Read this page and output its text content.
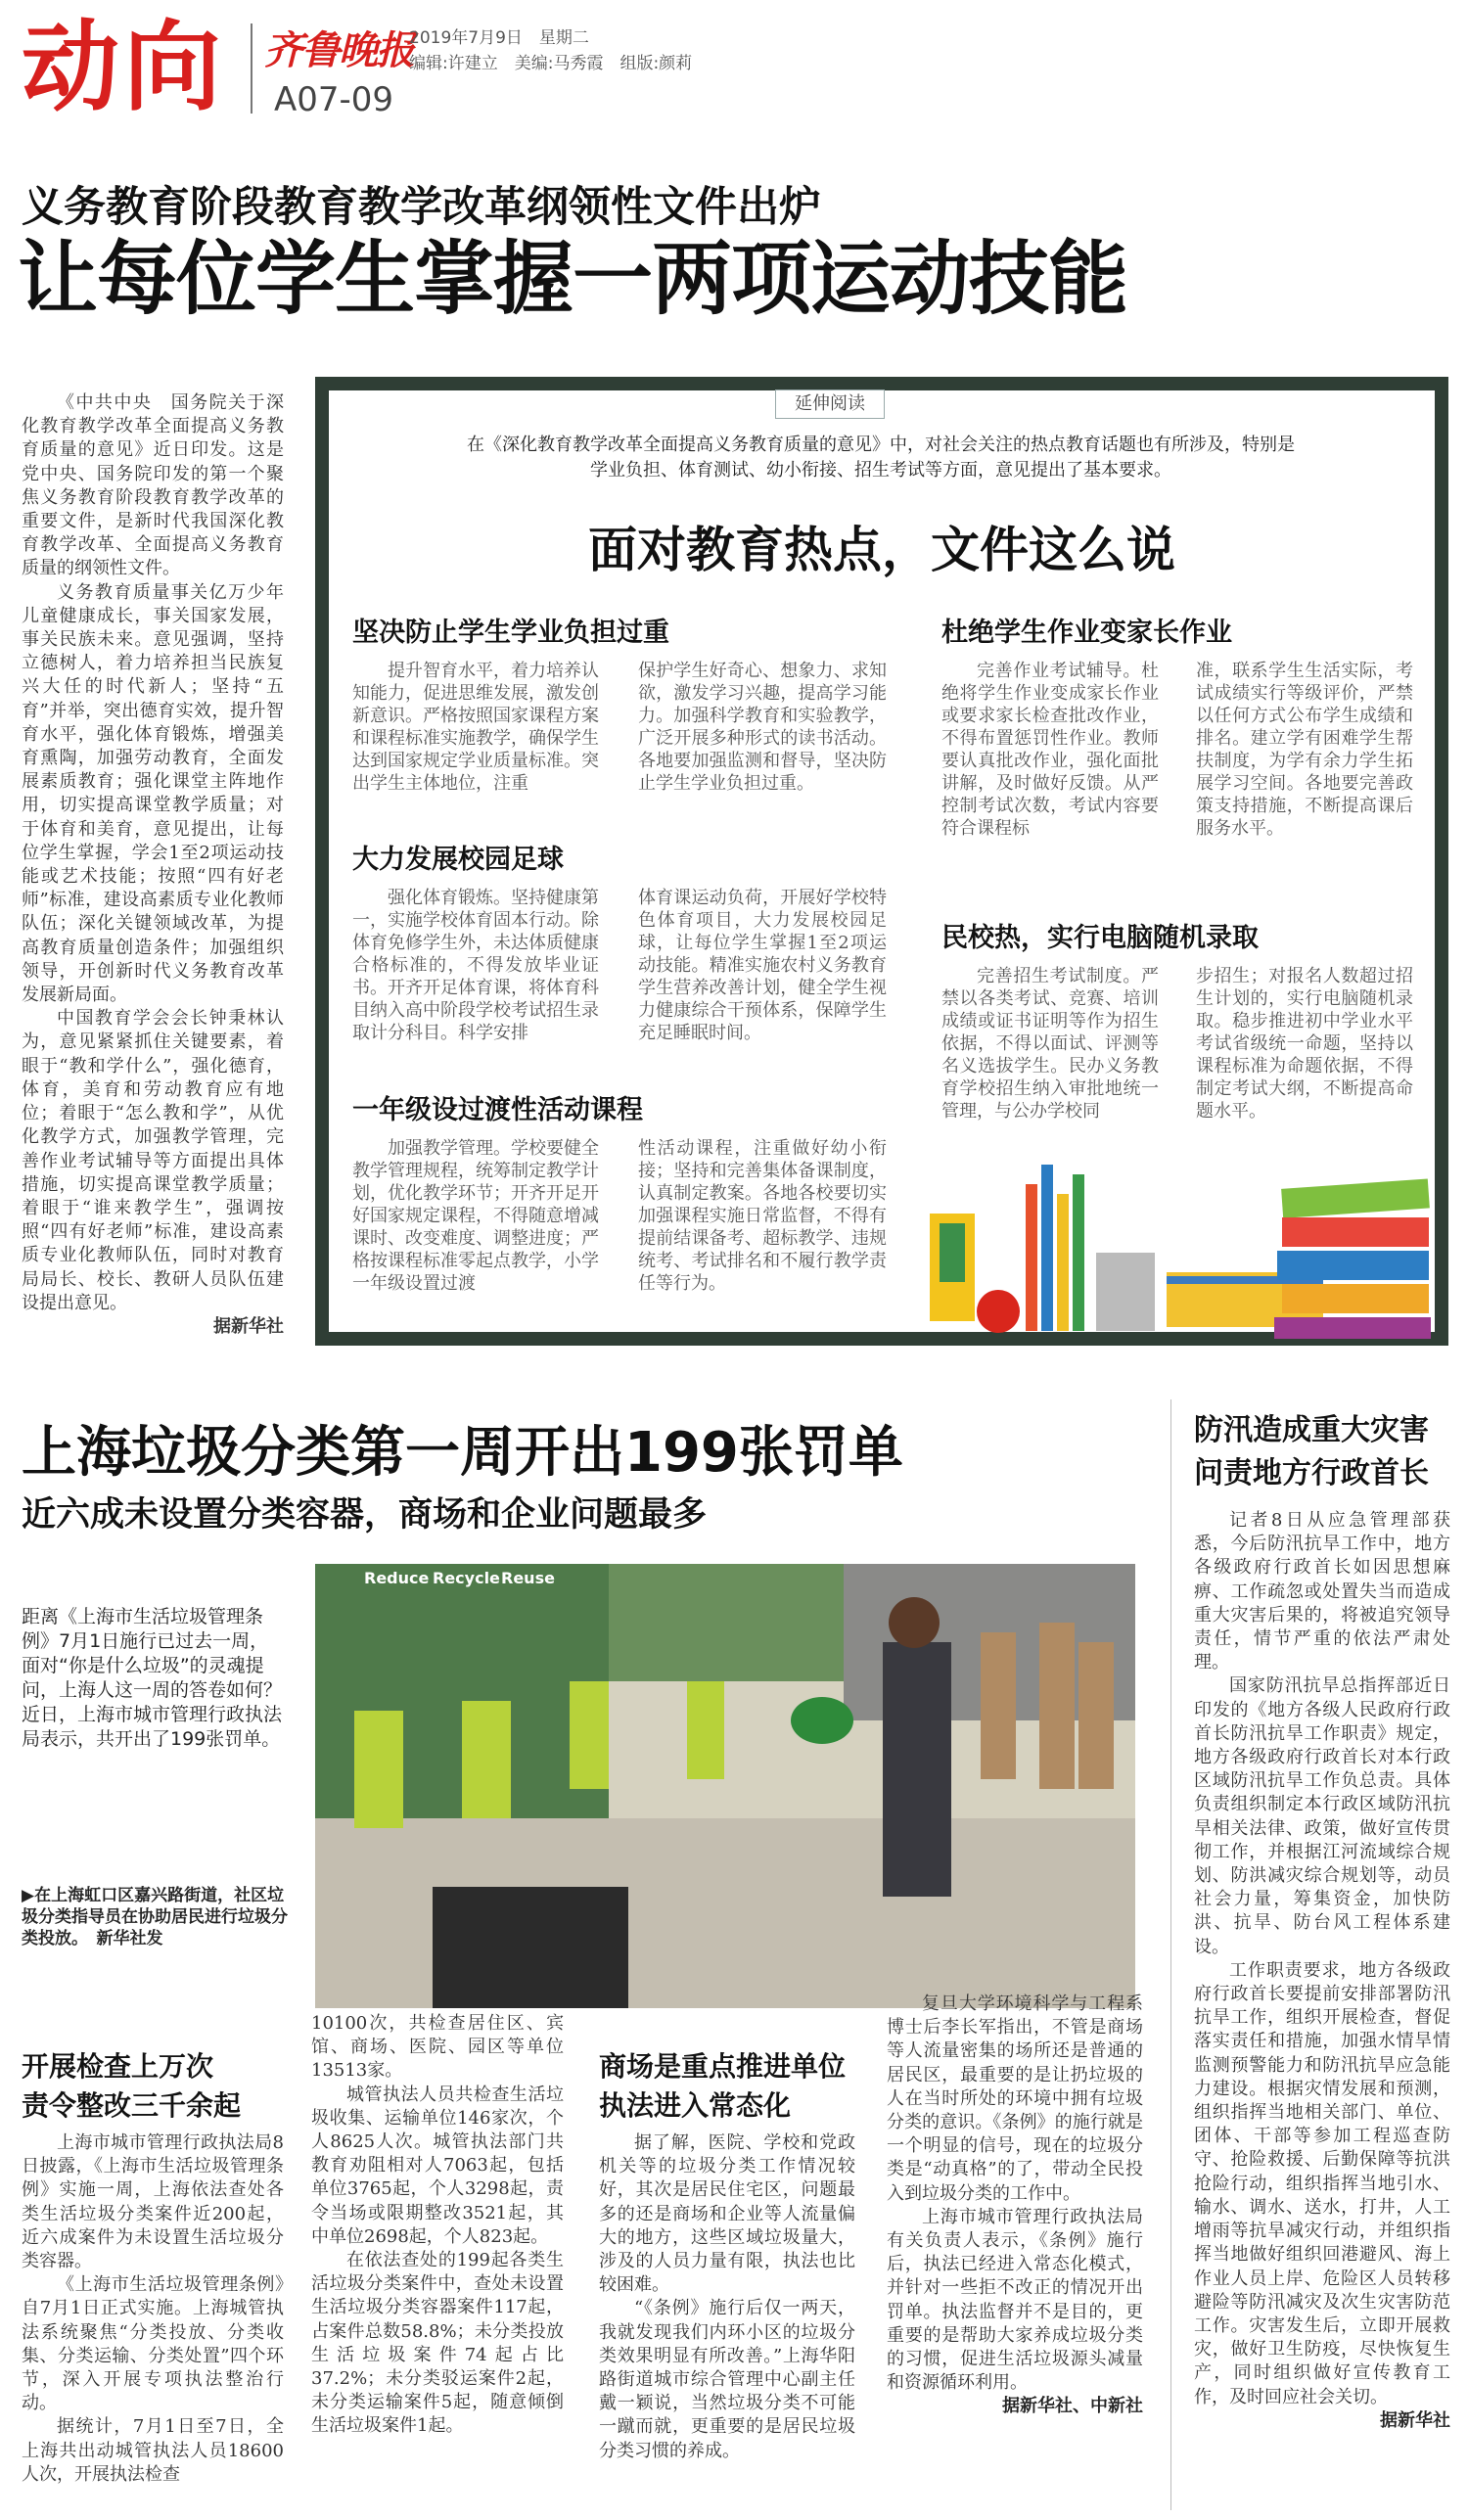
动向 齐鲁晚报
A07-09
2019年7月9日　星期二
编辑:许建立　美编:马秀霞　组版:颜莉
义务教育阶段教育教学改革纲领性文件出炉
让每位学生掌握一两项运动技能

《中共中央　国务院关于深化教育教学改革全面提高义务教育质量的意见》近日印发。这是党中央、国务院印发的第一个聚焦义务教育阶段教育教学改革的重要文件，是新时代我国深化教育教学改革、全面提高义务教育质量的纲领性文件。

义务教育质量事关亿万少年儿童健康成长，事关国家发展，事关民族未来。意见强调，坚持立德树人，着力培养担当民族复兴大任的时代新人；坚持“五育”并举，突出德育实效，提升智育水平，强化体育锻炼，增强美育熏陶，加强劳动教育，全面发展素质教育；强化课堂主阵地作用，切实提高课堂教学质量；对于体育和美育，意见提出，让每位学生掌握，学会1至2项运动技能或艺术技能；按照“四有好老师”标准，建设高素质专业化教师队伍；深化关键领域改革，为提高教育质量创造条件；加强组织领导，开创新时代义务教育改革发展新局面。

中国教育学会会长钟秉林认为，意见紧紧抓住关键要素，着眼于“教和学什么”，强化德育，体育，美育和劳动教育应有地位；着眼于“怎么教和学”，从优化教学方式，加强教学管理，完善作业考试辅导等方面提出具体措施，切实提高课堂教学质量；着眼于“谁来教学生”，强调按照“四有好老师”标准，建设高素质专业化教师队伍，同时对教育局局长、校长、教研人员队伍建设提出意见。

据新华社
延伸阅读
在《深化教育教学改革全面提高义务教育质量的意见》中，对社会关注的热点教育话题也有所涉及，特别是学业负担、体育测试、幼小衔接、招生考试等方面，意见提出了基本要求。
面对教育热点，文件这么说
坚决防止学生学业负担过重

提升智育水平，着力培养认知能力，促进思维发展，激发创新意识。严格按照国家课程方案和课程标准实施教学，确保学生达到国家规定学业质量标准。突出学生主体地位，注重

保护学生好奇心、想象力、求知欲，激发学习兴趣，提高学习能力。加强科学教育和实验教学，广泛开展多种形式的读书活动。各地要加强监测和督导，坚决防止学生学业负担过重。
大力发展校园足球

强化体育锻炼。坚持健康第一，实施学校体育固本行动。除体育免修学生外，未达体质健康合格标准的，不得发放毕业证书。开齐开足体育课，将体育科目纳入高中阶段学校考试招生录取计分科目。科学安排

体育课运动负荷，开展好学校特色体育项目，大力发展校园足球，让每位学生掌握1至2项运动技能。精准实施农村义务教育学生营养改善计划，健全学生视力健康综合干预体系，保障学生充足睡眠时间。
一年级设过渡性活动课程

加强教学管理。学校要健全教学管理规程，统筹制定教学计划，优化教学环节；开齐开足开好国家规定课程，不得随意增减课时、改变难度、调整进度；严格按课程标准零起点教学，小学一年级设置过渡

性活动课程，注重做好幼小衔接；坚持和完善集体备课制度，认真制定教案。各地各校要切实加强课程实施日常监督，不得有提前结课备考、超标教学、违规统考、考试排名和不履行教学责任等行为。
杜绝学生作业变家长作业

完善作业考试辅导。杜绝将学生作业变成家长作业或要求家长检查批改作业，不得布置惩罚性作业。教师要认真批改作业，强化面批讲解，及时做好反馈。从严控制考试次数，考试内容要符合课程标

准，联系学生生活实际，考试成绩实行等级评价，严禁以任何方式公布学生成绩和排名。建立学有困难学生帮扶制度，为学有余力学生拓展学习空间。各地要完善政策支持措施，不断提高课后服务水平。
民校热，实行电脑随机录取

完善招生考试制度。严禁以各类考试、竞赛、培训成绩或证书证明等作为招生依据，不得以面试、评测等名义选拔学生。民办义务教育学校招生纳入审批地统一管理，与公办学校同

步招生；对报名人数超过招生计划的，实行电脑随机录取。稳步推进初中学业水平考试省级统一命题，坚持以课程标准为命题依据，不得制定考试大纲，不断提高命题水平。
上海垃圾分类第一周开出199张罚单
近六成未设置分类容器，商场和企业问题最多
距离《上海市生活垃圾管理条例》7月1日施行已过去一周，面对“你是什么垃圾”的灵魂提问，上海人这一周的答卷如何？近日，上海市城市管理行政执法局表示，共开出了199张罚单。
Reduce Recycle Reuse
▶在上海虹口区嘉兴路街道，社区垃圾分类指导员在协助居民进行垃圾分类投放。　新华社发
开展检查上万次
责令整改三千余起

上海市城市管理行政执法局8日披露，《上海市生活垃圾管理条例》实施一周，上海依法查处各类生活垃圾分类案件近200起，近六成案件为未设置生活垃圾分类容器。

《上海市生活垃圾管理条例》自7月1日正式实施。上海城管执法系统聚焦“分类投放、分类收集、分类运输、分类处置”四个环节，深入开展专项执法整治行动。

据统计，7月1日至7日，全上海共出动城管执法人员18600人次，开展执法检查

10100次，共检查居住区、宾馆、商场、医院、园区等单位13513家。

城管执法人员共检查生活垃圾收集、运输单位146家次，个人8625人次。城管执法部门共教育劝阻相对人7063起，包括单位3765起，个人3298起，责令当场或限期整改3521起，其中单位2698起，个人823起。

在依法查处的199起各类生活垃圾分类案件中，查处未设置生活垃圾分类容器案件117起，占案件总数58.8%；未分类投放生活垃圾案件74起占比37.2%；未分类驳运案件2起，未分类运输案件5起，随意倾倒生活垃圾案件1起。

商场是重点推进单位
执法进入常态化

据了解，医院、学校和党政机关等的垃圾分类工作情况较好，其次是居民住宅区，问题最多的还是商场和企业等人流量偏大的地方，这些区域垃圾量大，涉及的人员力量有限，执法也比较困难。

“《条例》施行后仅一两天，我就发现我们内环小区的垃圾分类效果明显有所改善。”上海华阳路街道城市综合管理中心副主任戴一颖说，当然垃圾分类不可能一蹴而就，更重要的是居民垃圾分类习惯的养成。

复旦大学环境科学与工程系博士后李长军指出，不管是商场等人流量密集的场所还是普通的居民区，最重要的是让扔垃圾的人在当时所处的环境中拥有垃圾分类的意识。《条例》的施行就是一个明显的信号，现在的垃圾分类是“动真格”的了，带动全民投入到垃圾分类的工作中。

上海市城市管理行政执法局有关负责人表示，《条例》施行后，执法已经进入常态化模式，并针对一些拒不改正的情况开出罚单。执法监督并不是目的，更重要的是帮助大家养成垃圾分类的习惯，促进生活垃圾源头减量和资源循环利用。

据新华社、中新社
防汛造成重大灾害
问责地方行政首长

记者8日从应急管理部获悉，今后防汛抗旱工作中，地方各级政府行政首长如因思想麻痹、工作疏忽或处置失当而造成重大灾害后果的，将被追究领导责任，情节严重的依法严肃处理。

国家防汛抗旱总指挥部近日印发的《地方各级人民政府行政首长防汛抗旱工作职责》规定，地方各级政府行政首长对本行政区域防汛抗旱工作负总责。具体负责组织制定本行政区域防汛抗旱相关法律、政策，做好宣传贯彻工作，并根据江河流域综合规划、防洪减灾综合规划等，动员社会力量，筹集资金，加快防洪、抗旱、防台风工程体系建设。

工作职责要求，地方各级政府行政首长要提前安排部署防汛抗旱工作，组织开展检查，督促落实责任和措施，加强水情旱情监测预警能力和防汛抗旱应急能力建设。根据灾情发展和预测，组织指挥当地相关部门、单位、团体、干部等参加工程巡查防守、抢险救援、后勤保障等抗洪抢险行动，组织指挥当地引水、输水、调水、送水，打井，人工增雨等抗旱减灾行动，并组织指挥当地做好组织回港避风、海上作业人员上岸、危险区人员转移避险等防汛减灾及次生灾害防范工作。灾害发生后，立即开展救灾，做好卫生防疫，尽快恢复生产，同时组织做好宣传教育工作，及时回应社会关切。

据新华社
